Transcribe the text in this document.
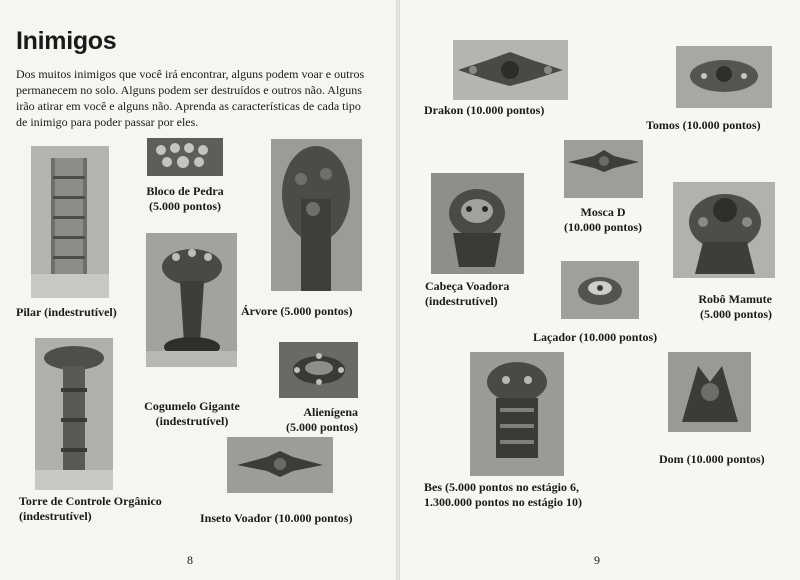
Inimigos
Dos muitos inimigos que você irá encontrar, alguns podem voar e outros permanecem no solo. Alguns podem ser destruídos e outros não. Alguns irão atirar em você e alguns não. Aprenda as características de cada tipo de inimigo para poder passar por eles.
Pilar (indestrutível)
Bloco de Pedra
(5.000 pontos)
Árvore (5.000 pontos)
Cogumelo Gigante
(indestrutível)
Alienígena
(5.000 pontos)
Torre de Controle Orgânico
(indestrutível)	Inseto Voador (10.000 pontos)
8
Drakon (10.000 pontos)
Tomos (10.000 pontos)
Mosca D
(10.000 pontos)
Cabeça Voadora
(indestrutível)	Robô Mamute
(5.000 pontos)
Laçador (10.000 pontos)
Dom (10.000 pontos)
Bes (5.000 pontos no estágio 6,
1.300.000 pontos no estágio 10)
9
